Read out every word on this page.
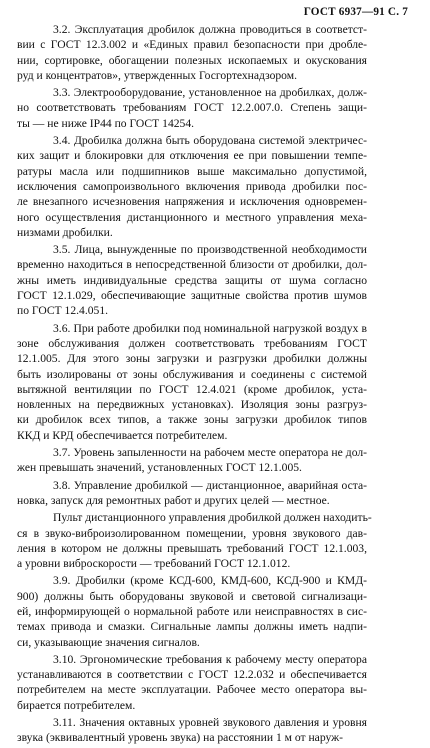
ГОСТ 6937—91 С. 7
3.2. Эксплуатация дробилок должна проводиться в соответст-
вии с ГОСТ 12.3.002 и «Единых правил безопасности при дробле-
нии, сортировке, обогащении полезных ископаемых и окускования
руд и концентратов», утвержденных Госгортехнадзором.
3.3. Электрооборудование, установленное на дробилках, долж-
но соответствовать требованиям ГОСТ 12.2.007.0. Степень защи-
ты — не ниже IP44 по ГОСТ 14254.
3.4. Дробилка должна быть оборудована системой электричес-
ких защит и блокировки для отключения ее при повышении темпе-
ратуры масла или подшипников выше максимально допустимой,
исключения самопроизвольного включения привода дробилки пос-
ле внезапного исчезновения напряжения и исключения одновремен-
ного осуществления дистанционного и местного управления меха-
низмами дробилки.
3.5. Лица, вынужденные по производственной необходимости
временно находиться в непосредственной близости от дробилки, дол-
жны иметь индивидуальные средства защиты от шума согласно
ГОСТ 12.1.029, обеспечивающие защитные свойства против шумов
по ГОСТ 12.4.051.
3.6. При работе дробилки под номинальной нагрузкой воздух в
зоне обслуживания должен соответствовать требованиям ГОСТ
12.1.005. Для этого зоны загрузки и разгрузки дробилки должны
быть изолированы от зоны обслуживания и соединены с системой
вытяжной вентиляции по ГОСТ 12.4.021 (кроме дробилок, уста-
новленных на передвижных установках). Изоляция зоны разгруз-
ки дробилок всех типов, а также зоны загрузки дробилок типов
ККД и КРД обеспечивается потребителем.
3.7. Уровень запыленности на рабочем месте оператора не дол-
жен превышать значений, установленных ГОСТ 12.1.005.
3.8. Управление дробилкой — дистанционное, аварийная оста-
новка, запуск для ремонтных работ и других целей — местное.
Пульт дистанционного управления дробилкой должен находить-
ся в звуко-виброизолированном помещении, уровня звукового дав-
ления в котором не должны превышать требований ГОСТ 12.1.003,
а уровни виброскорости — требований ГОСТ 12.1.012.
3.9. Дробилки (кроме КСД-600, КМД-600, КСД-900 и КМД-
900) должны быть оборудованы звуковой и световой сигнализаци-
ей, информирующей о нормальной работе или неисправностях в сис-
темах привода и смазки. Сигнальные лампы должны иметь надпи-
си, указывающие значения сигналов.
3.10. Эргономические требования к рабочему месту оператора
устанавливаются в соответствии с ГОСТ 12.2.032 и обеспечивается
потребителем на месте эксплуатации. Рабочее место оператора вы-
бирается потребителем.
3.11. Значения октавных уровней звукового давления и уровня
звука (эквивалентный уровень звука) на расстоянии 1 м от наруж-
